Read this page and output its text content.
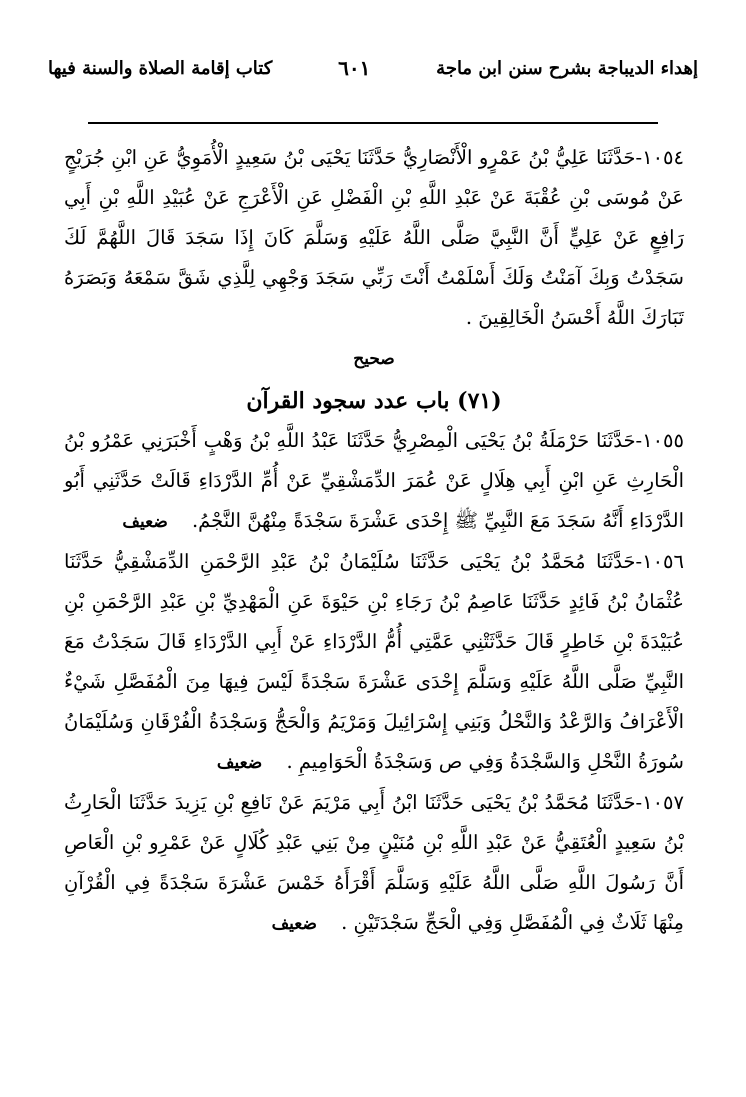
إهداء الديباجة بشرح سنن ابن ماجة
٦٠١
كتاب إقامة الصلاة والسنة فيها

١٠٥٤-حَدَّثَنَا عَلِيُّ بْنُ عَمْرٍو الْأَنْصَارِيُّ حَدَّثَنَا يَحْيَى بْنُ سَعِيدٍ الْأُمَوِيُّ عَنِ ابْنِ جُرَيْجٍ عَنْ مُوسَى بْنِ عُقْبَةَ عَنْ عَبْدِ اللَّهِ بْنِ الْفَضْلِ عَنِ الْأَعْرَجِ عَنْ عُبَيْدِ اللَّهِ بْنِ أَبِي رَافِعٍ عَنْ عَلِيٍّ أَنَّ النَّبِيَّ صَلَّى اللَّهُ عَلَيْهِ وَسَلَّمَ كَانَ إِذَا سَجَدَ قَالَ اللَّهُمَّ لَكَ سَجَدْتُ وَبِكَ آمَنْتُ وَلَكَ أَسْلَمْتُ أَنْتَ رَبِّي سَجَدَ وَجْهِي لِلَّذِي شَقَّ سَمْعَهُ وَبَصَرَهُ تَبَارَكَ اللَّهُ أَحْسَنُ الْخَالِقِينَ .

صحيح

(٧١) باب عدد سجود القرآن

١٠٥٥-حَدَّثَنَا حَرْمَلَةُ بْنُ يَحْيَى الْمِصْرِيُّ حَدَّثَنَا عَبْدُ اللَّهِ بْنُ وَهْبٍ أَخْبَرَنِي عَمْرُو بْنُ الْحَارِثِ عَنِ ابْنِ أَبِي هِلَالٍ عَنْ عُمَرَ الدِّمَشْقِيِّ عَنْ أُمِّ الدَّرْدَاءِ قَالَتْ حَدَّثَنِي أَبُو الدَّرْدَاءِ أَنَّهُ سَجَدَ مَعَ النَّبِيِّ ﷺ إِحْدَى عَشْرَةَ سَجْدَةً مِنْهُنَّ النَّجْمُ. ضعيف

١٠٥٦-حَدَّثَنَا مُحَمَّدُ بْنُ يَحْيَى حَدَّثَنَا سُلَيْمَانُ بْنُ عَبْدِ الرَّحْمَنِ الدِّمَشْقِيُّ حَدَّثَنَا عُثْمَانُ بْنُ فَائِدٍ حَدَّثَنَا عَاصِمُ بْنُ رَجَاءِ بْنِ حَيْوَةَ عَنِ الْمَهْدِيِّ بْنِ عَبْدِ الرَّحْمَنِ بْنِ عُبَيْدَةَ بْنِ خَاطِرٍ قَالَ حَدَّثَتْنِي عَمَّتِي أُمُّ الدَّرْدَاءِ عَنْ أَبِي الدَّرْدَاءِ قَالَ سَجَدْتُ مَعَ النَّبِيِّ صَلَّى اللَّهُ عَلَيْهِ وَسَلَّمَ إِحْدَى عَشْرَةَ سَجْدَةً لَيْسَ فِيهَا مِنَ الْمُفَصَّلِ شَيْءٌ الْأَعْرَافُ وَالرَّعْدُ وَالنَّحْلُ وَبَنِي إِسْرَائِيلَ وَمَرْيَمُ وَالْحَجُّ وَسَجْدَةُ الْفُرْقَانِ وَسُلَيْمَانُ سُورَةُ النَّحْلِ وَالسَّجْدَةُ وَفِي ص وَسَجْدَةُ الْحَوَامِيمِ . ضعيف

١٠٥٧-حَدَّثَنَا مُحَمَّدُ بْنُ يَحْيَى حَدَّثَنَا ابْنُ أَبِي مَرْيَمَ عَنْ نَافِعِ بْنِ يَزِيدَ حَدَّثَنَا الْحَارِثُ بْنُ سَعِيدٍ الْعُتَقِيُّ عَنْ عَبْدِ اللَّهِ بْنِ مُنَيْنٍ مِنْ بَنِي عَبْدِ كُلَالٍ عَنْ عَمْرِو بْنِ الْعَاصِ أَنَّ رَسُولَ اللَّهِ صَلَّى اللَّهُ عَلَيْهِ وَسَلَّمَ أَقْرَأَهُ خَمْسَ عَشْرَةَ سَجْدَةً فِي الْقُرْآنِ مِنْهَا ثَلَاثٌ فِي الْمُفَصَّلِ وَفِي الْحَجِّ سَجْدَتَيْنِ . ضعيف
